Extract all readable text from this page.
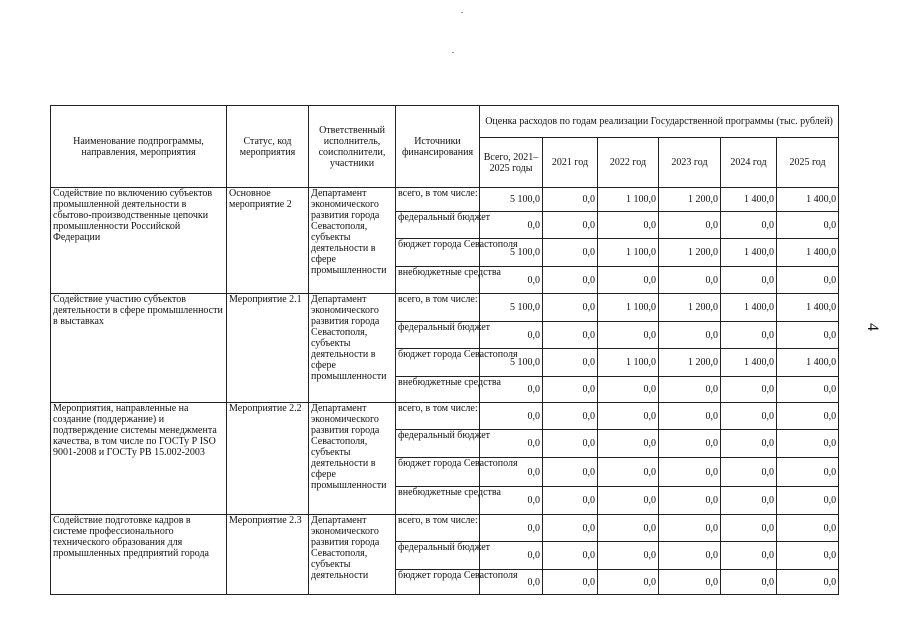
Наименование подпрограммы, направления, мероприятия	Статус, код мероприятия	Ответственный исполнитель, соисполнители, участники	Источники финансирования	Оценка расходов по годам реализации Государственной программы (тыс. рублей)					
				Всего, 2021–2025 годы	2021 год	2022 год	2023 год	2024 год	2025 год
Содействие по включению субъектов промышленной деятельности в сбытово-производственные цепочки промышленности Российской Федерации	Основное мероприятие 2	Департамент экономического развития города Севастополя, субъекты деятельности в сфере промышленности	всего, в том числе:	5 100,0	0,0	1 100,0	1 200,0	1 400,0	1 400,0
			федеральный бюджет	0,0	0,0	0,0	0,0	0,0	0,0
			бюджет города Севастополя	5 100,0	0,0	1 100,0	1 200,0	1 400,0	1 400,0
			внебюджетные средства	0,0	0,0	0,0	0,0	0,0	0,0
Содействие участию субъектов деятельности в сфере промышленности в выставках	Мероприятие 2.1	Департамент экономического развития города Севастополя, субъекты деятельности в сфере промышленности	всего, в том числе:	5 100,0	0,0	1 100,0	1 200,0	1 400,0	1 400,0
			федеральный бюджет	0,0	0,0	0,0	0,0	0,0	0,0
			бюджет города Севастополя	5 100,0	0,0	1 100,0	1 200,0	1 400,0	1 400,0
			внебюджетные средства	0,0	0,0	0,0	0,0	0,0	0,0
Мероприятия, направленные на создание (поддержание) и подтверждение системы менеджмента качества, в том числе по ГОСТу Р ISO 9001-2008 и ГОСТу РВ 15.002-2003	Мероприятие 2.2	Департамент экономического развития города Севастополя, субъекты деятельности в сфере промышленности	всего, в том числе:	0,0	0,0	0,0	0,0	0,0	0,0
			федеральный бюджет	0,0	0,0	0,0	0,0	0,0	0,0
			бюджет города Севастополя	0,0	0,0	0,0	0,0	0,0	0,0
			внебюджетные средства	0,0	0,0	0,0	0,0	0,0	0,0
Содействие подготовке кадров в системе профессионального технического образования для промышленных предприятий города	Мероприятие 2.3	Департамент экономического развития города Севастополя, субъекты деятельности	всего, в том числе:	0,0	0,0	0,0	0,0	0,0	0,0
			федеральный бюджет	0,0	0,0	0,0	0,0	0,0	0,0
			бюджет города Севастополя	0,0	0,0	0,0	0,0	0,0	0,0
4
